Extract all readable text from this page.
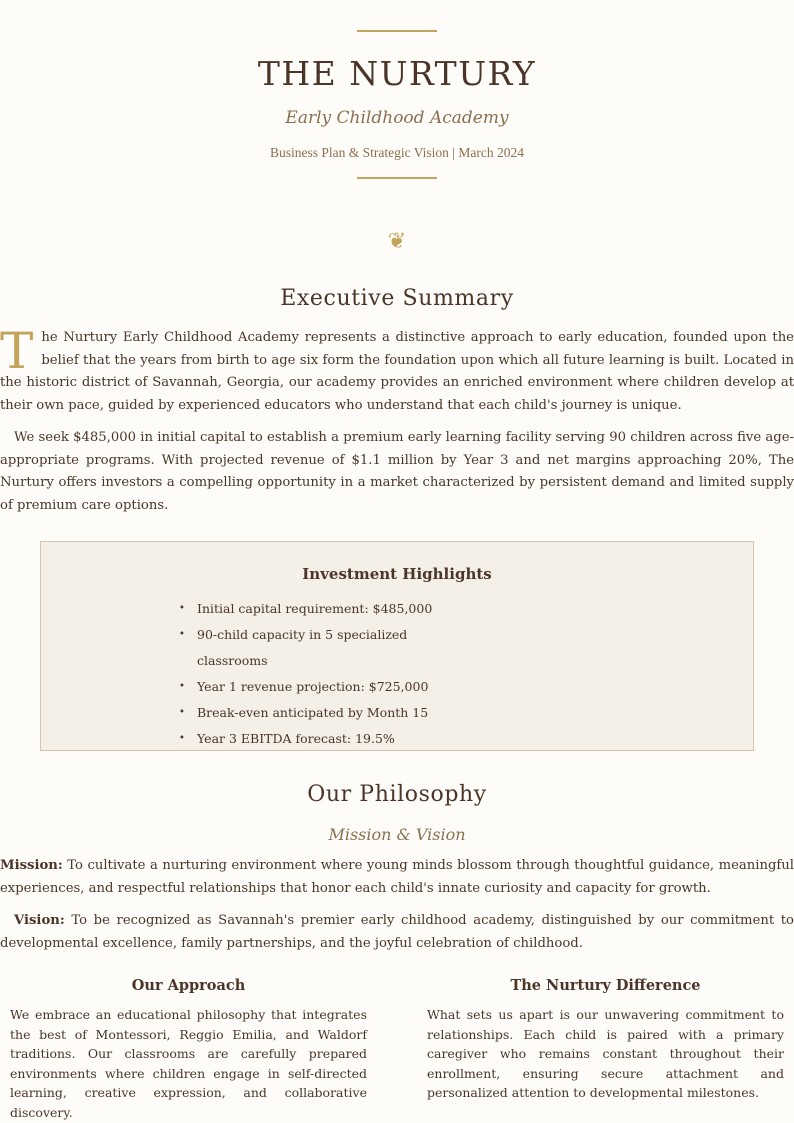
THE NURTURY
Early Childhood Academy
Business Plan & Strategic Vision | March 2024
❦
Executive Summary

The Nurtury Early Childhood Academy represents a distinctive approach to early education, founded upon the belief that the years from birth to age six form the foundation upon which all future learning is built. Located in the historic district of Savannah, Georgia, our academy provides an enriched environment where children develop at their own pace, guided by experienced educators who understand that each child's journey is unique.

We seek $485,000 in initial capital to establish a premium early learning facility serving 90 children across five age-appropriate programs. With projected revenue of $1.1 million by Year 3 and net margins approaching 20%, The Nurtury offers investors a compelling opportunity in a market characterized by persistent demand and limited supply of premium care options.

Investment Highlights
• Initial capital requirement: $485,000
• 90-child capacity in 5 specialized classrooms
• Year 1 revenue projection: $725,000
• Break-even anticipated by Month 15
• Year 3 EBITDA forecast: 19.5%
Our Philosophy
Mission & Vision

Mission: To cultivate a nurturing environment where young minds blossom through thoughtful guidance, meaningful experiences, and respectful relationships that honor each child's innate curiosity and capacity for growth.

Vision: To be recognized as Savannah's premier early childhood academy, distinguished by our commitment to developmental excellence, family partnerships, and the joyful celebration of childhood.

Our Approach

We embrace an educational philosophy that integrates the best of Montessori, Reggio Emilia, and Waldorf traditions. Our classrooms are carefully prepared environments where children engage in self-directed learning, creative expression, and collaborative discovery.

The Nurtury Difference

What sets us apart is our unwavering commitment to relationships. Each child is paired with a primary caregiver who remains constant throughout their enrollment, ensuring secure attachment and personalized attention to developmental milestones.
